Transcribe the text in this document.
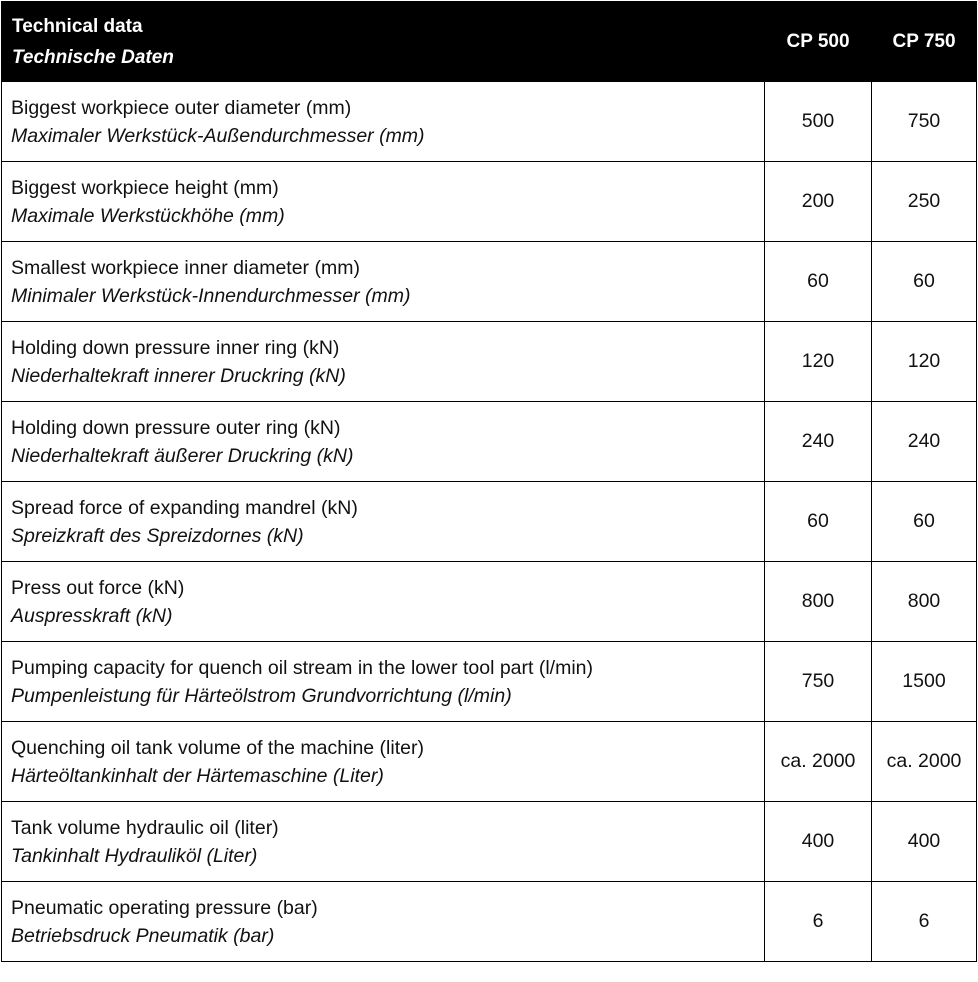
Technical data
Technische Daten	CP 500	CP 750

Biggest workpiece outer diameter (mm)
Maximaler Werkstück-Außendurchmesser (mm)	500	750

Biggest workpiece height (mm)
Maximale Werkstückhöhe (mm)	200	250

Smallest workpiece inner diameter (mm)
Minimaler Werkstück-Innendurchmesser (mm)	60	60

Holding down pressure inner ring (kN)
Niederhaltekraft innerer Druckring (kN)	120	120

Holding down pressure outer ring (kN)
Niederhaltekraft äußerer Druckring (kN)	240	240

Spread force of expanding mandrel (kN)
Spreizkraft des Spreizdornes (kN)	60	60

Press out force (kN)
Auspresskraft (kN)	800	800

Pumping capacity for quench oil stream in the lower tool part (l/min)
Pumpenleistung für Härteölstrom Grundvorrichtung (l/min)	750	1500

Quenching oil tank volume of the machine (liter)
Härteöltankinhalt der Härtemaschine (Liter)	ca. 2000	ca. 2000

Tank volume hydraulic oil (liter)
Tankinhalt Hydrauliköl (Liter)	400	400

Pneumatic operating pressure (bar)
Betriebsdruck Pneumatik (bar)	6	6
